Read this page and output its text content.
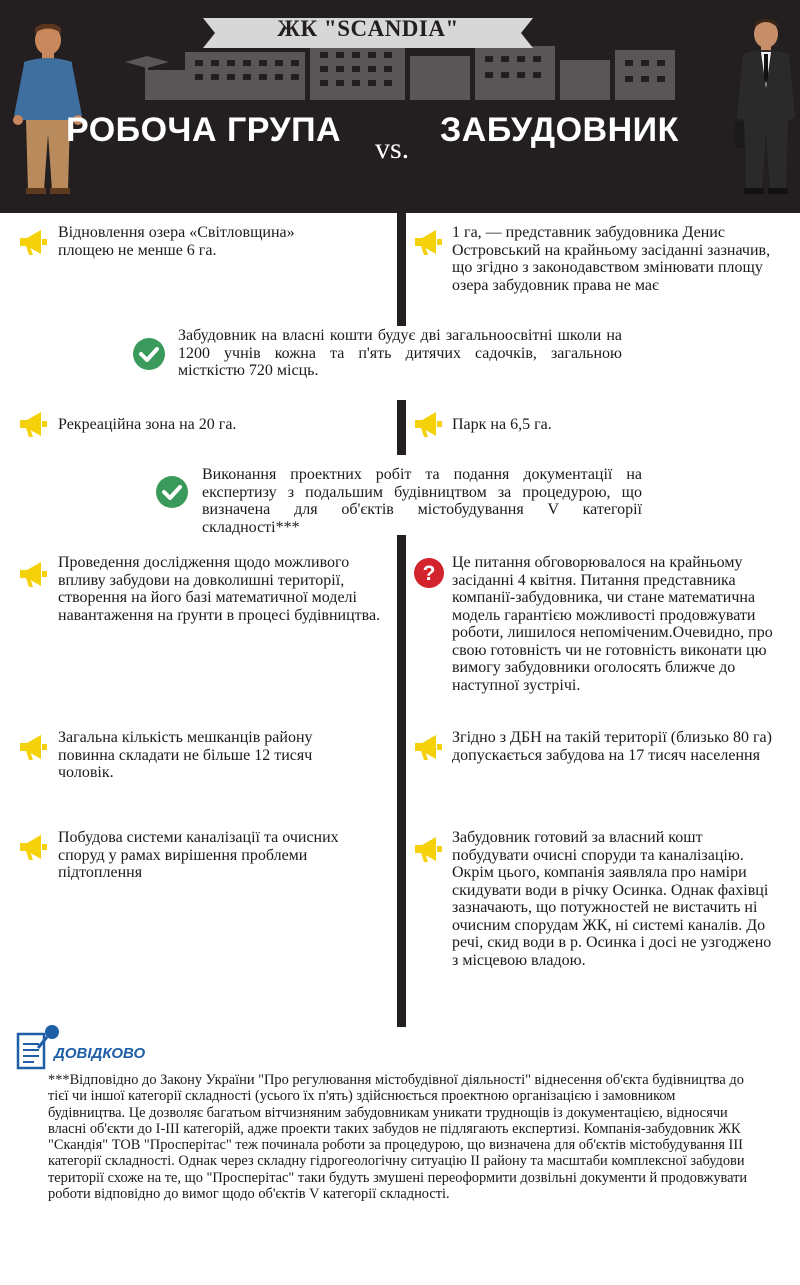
ЖК "SCANDIA"
РОБОЧА ГРУПА vs. ЗАБУДОВНИК
Відновлення озера «Світловщина» площею не менше 6 га.
1 га, — представник забудовника Денис Островський на крайньому засіданні зазначив, що згідно з законодавством змінювати площу озера забудовник права не має
Забудовник на власні кошти будує дві загальноосвітні школи на 1200 учнів кожна та п'ять дитячих садочків, загальною місткістю 720 місць.
Рекреаційна зона на 20 га.	Парк на 6,5 га.
Виконання проектних робіт та подання документації на експертизу з подальшим будівництвом за процедурою, що визначена для об'єктів містобудування V категорії складності***
Проведення дослідження щодо можливого впливу забудови на довколишні території, створення на його базі математичної моделі навантаження на ґрунти в процесі будівництва.
? Це питання обговорювалося на крайньому засіданні 4 квітня. Питання представника компанії-забудовника, чи стане математична модель гарантією можливості продовжувати роботи, лишилося непоміченим.Очевидно, про свою готовність чи не готовність виконати цю вимогу забудовники оголосять ближче до наступної зустрічі.
Загальна кількість мешканців району повинна складати не більше 12 тисяч чоловік.
Згідно з ДБН на такій території (близько 80 га) допускається забудова на 17 тисяч населення
Побудова системи каналізації та очисних споруд у рамах вирішення проблеми підтоплення
Забудовник готовий за власний кошт побудувати очисні споруди та каналізацію. Окрім цього, компанія заявляла про наміри скидувати води в річку Осинка. Однак фахівці зазначають, що потужностей не вистачить ні очисним спорудам ЖК, ні системі каналів. До речі, скид води в р. Осинка і досі не узгоджено з місцевою владою.
ДОВІДКОВО
***Відповідно до Закону України "Про регулювання містобудівної діяльності" віднесення об'єкта будівництва до тієї чи іншої категорії складності (усього їх п'ять) здійснюється проектною організацією і замовником будівництва. Це дозволяє багатьом вітчизняним забудовникам уникати труднощів із документацією, відносячи власні об'єкти до І-ІІІ категорій, адже проекти таких забудов не підлягають експертизі. Компанія-забудовник ЖК "Скандія" ТОВ "Просперітас" теж починала роботи за процедурою, що визначена для об'єктів містобудування ІІІ категорії складності. Однак через складну гідрогеологічну ситуацію ІІ району та масштаби комплексної забудови території схоже на те, що "Просперітас" таки будуть змушені переоформити дозвільні документи й продовжувати роботи відповідно до вимог щодо об'єктів V категорії складності.
